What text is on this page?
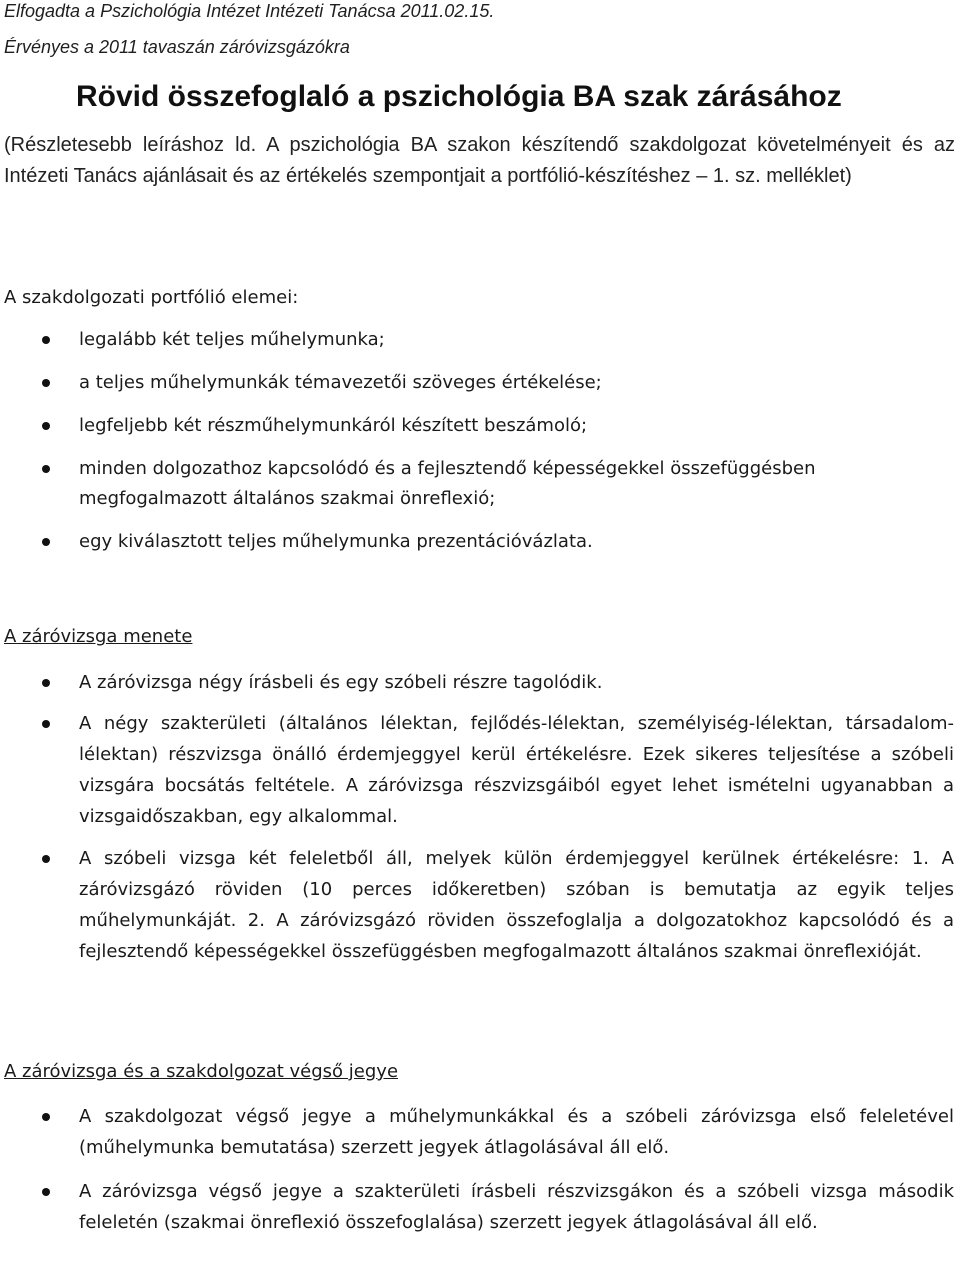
Elfogadta a Pszichológia Intézet Intézeti Tanácsa 2011.02.15.

Érvényes a 2011 tavaszán záróvizsgázókra

Rövid összefoglaló a pszichológia BA szak zárásához

(Részletesebb leíráshoz ld. A pszichológia BA szakon készítendő szakdolgozat követelményeit és az Intézeti Tanács ajánlásait és az értékelés szempontjait a portfólió-készítéshez – 1. sz. melléklet)

A szakdolgozati portfólió elemei:
legalább két teljes műhelymunka;
a teljes műhelymunkák témavezetői szöveges értékelése;
legfeljebb két részműhelymunkáról készített beszámoló;
minden dolgozathoz kapcsolódó és a fejlesztendő képességekkel összefüggésben megfogalmazott általános szakmai önreflexió;
egy kiválasztott teljes műhelymunka prezentációvázlata.
A záróvizsga menete
A záróvizsga négy írásbeli és egy szóbeli részre tagolódik.
A négy szakterületi (általános lélektan, fejlődés-lélektan, személyiség-lélektan, társadalom-lélektan) részvizsga önálló érdemjeggyel kerül értékelésre. Ezek sikeres teljesítése a szóbeli vizsgára bocsátás feltétele. A záróvizsga részvizsgáiból egyet lehet ismételni ugyanabban a vizsgaidőszakban, egy alkalommal.
A szóbeli vizsga két feleletből áll, melyek külön érdemjeggyel kerülnek értékelésre: 1. A záróvizsgázó röviden (10 perces időkeretben) szóban is bemutatja az egyik teljes műhelymunkáját. 2. A záróvizsgázó röviden összefoglalja a dolgozatokhoz kapcsolódó és a fejlesztendő képességekkel összefüggésben megfogalmazott általános szakmai önreflexióját.
A záróvizsga és a szakdolgozat végső jegye
A szakdolgozat végső jegye a műhelymunkákkal és a szóbeli záróvizsga első feleletével (műhelymunka bemutatása) szerzett jegyek átlagolásával áll elő.
A záróvizsga végső jegye a szakterületi írásbeli részvizsgákon és a szóbeli vizsga második feleletén (szakmai önreflexió összefoglalása) szerzett jegyek átlagolásával áll elő.
